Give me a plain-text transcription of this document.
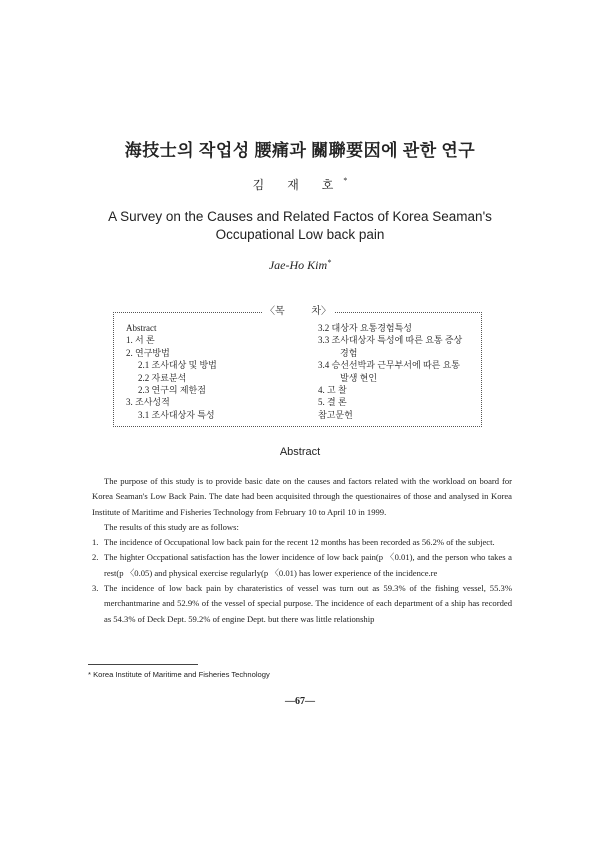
海技士의 작업성 腰痛과 關聯要因에 관한 연구
김 재 호*
A Survey on the Causes and Related Factos of Korea Seaman's
Occupational Low back pain
Jae-Ho Kim*
〈목	차〉
Abstract
1. 서 론
2. 연구방법
2.1 조사대상 및 방법
2.2 자료분석
2.3 연구의 제한점
3. 조사성적
3.1 조사대상자 특성
3.2 대상자 요통경험특성
3.3 조사대상자 특성에 따른 요통 증상
경험
3.4 승선선박과 근무부서에 따른 요통
발생 현인
4. 고 찰
5. 결 론
참고문헌
Abstract

The purpose of this study is to provide basic date on the causes and factors related with the workload on board for Korea Seaman's Low Back Pain. The date had been acquisited through the questionaires of those and analysed in Korea Institute of Maritime and Fisheries Technology from February 10 to April 10 in 1999.

The results of this study are as follows:

1. The incidence of Occupational low back pain for the recent 12 months has been recorded as 56.2% of the subject.

2. The highter Occpational satisfaction has the lower incidence of low back pain(p 〈0.01), and the person who takes a rest(p 〈0.05) and physical exercise regularly(p 〈0.01) has lower experience of the incidence.re

3. The incidence of low back pain by charateristics of vessel was turn out as 59.3% of the fishing vessel, 55.3% merchantmarine and 52.9% of the vessel of special purpose. The incidence of each department of a ship has recorded as 54.3% of Deck Dept. 59.2% of engine Dept. but there was little relationship

* Korea Institute of Maritime and Fisheries Technology
—67—
